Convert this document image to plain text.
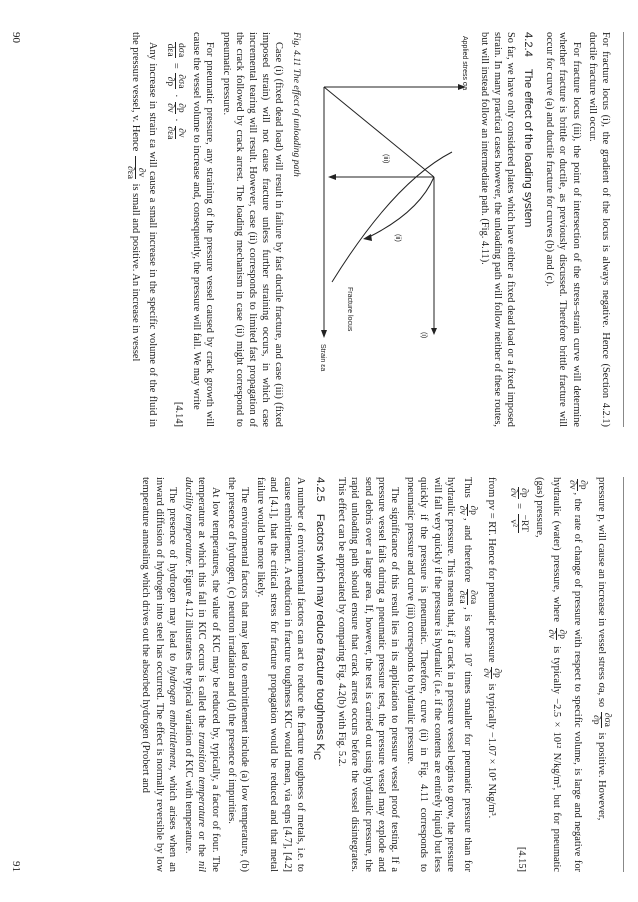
For fracture locus (i), the gradient of the locus is always negative. Hence (Section 4.2.1) ductile fracture will occur.

For fracture locus (iii), the point of intersection of the stress–strain curve will determine whether fracture is brittle or ductile, as previously discussed. Therefore brittle fracture will occur for curve (a) and ductile fracture for curves (b) and (c).

4.2.4The effect of the loading system

So far, we have only considered plates which have either a fixed dead load or a fixed imposed strain. In many practical cases however, the unloading path will follow neither of these routes, but will instead follow an intermediate path. (Fig. 4.11).

Applied stress σa
Strain εa
Fracture locus
(i)
(ii)
(iii)
Fig. 4.11 The effect of unloading path

Case (i) (fixed dead load) will result in failure by fast ductile fracture, and case (iii) (fixed imposed strain) will not cause fracture unless further straining occurs, in which case incremental tearing will result. However, case (ii) corresponds to limited fast propagation of the crack followed by crack arrest. The loading mechanism in case (ii) might correspond to pneumatic pressure.

For pneumatic pressure, any straining of the pressure vessel caused by crack growth will cause the vessel volume to increase and, consequently, the pressure will fall. We may write

dσa
dεa
=
∂σa
∂p
·
∂p
∂v
·
∂v
∂εa
[4.14]

Any increase in strain εa will cause a small increase in the specific volume of the fluid in the pressure vessel, v. Hence
∂v
∂εa
is small and positive. An increase in vessel

90

pressure p, will cause an increase in vessel stress σa, so
∂σa
∂p
is positive. However,

∂p
∂v
, the rate of change of pressure with respect to specific volume, is large and negative for hydraulic (water) pressure, where
∂p
∂v
is typically −2.5 × 10¹² N/kg/m³, but for pneumatic (gas) pressure,

∂p
∂v
=
−RT
v²
[4.15]

from pv = RT. Hence for pneumatic pressure
∂p
∂v
is typically −1.07 × 10⁵ Nkg/m³.

Thus
∂p
∂v
, and therefore
∂σa
∂εa
, is some 10⁷ times smaller for pneumatic pressure than for hydraulic pressure. This means that, if a crack in a pressure vessel begins to grow, the pressure will fall very quickly if the pressure is hydraulic (i.e. if the contents are entirely liquid) but less quickly if the pressure is pneumatic. Therefore, curve (ii) in Fig. 4.11 corresponds to pneumatic pressure and curve (iii) corresponds to hydraulic pressure.

The significance of this result lies in its application to pressure vessel proof testing. If a pressure vessel fails during a pneumatic pressure test, the pressure vessel may explode and send debris over a large area. If, however, the test is carried out using hydraulic pressure, the rapid unloading path should ensure that crack arrest occurs before the vessel disintegrates. This effect can be appreciated by comparing Fig. 4.2(b) with Fig. 5.2.

4.2.5Factors which may reduce fracture toughness $K_{IC}$

A number of environmental factors can act to reduce the fracture toughness of metals, i.e. to cause embrittlement. A reduction in fracture toughness KIC would mean, via eqns [4.7], [4.2] and [4.1], that the critical stress for fracture propagation would be reduced and that metal failure would be more likely.

The environmental factors that may lead to embrittlement include (a) low temperature, (b) the presence of hydrogen, (c) neutron irradiation and (d) the presence of impurities.

At low temperatures, the value of KIC may be reduced by, typically, a factor of four. The temperature at which this fall in KIC occurs is called the transition temperature or the nil ductility temperature. Figure 4.12 illustrates the typical variation of KIC with temperature.

The presence of hydrogen may lead to hydrogen embrittlement, which arises when an inward diffusion of hydrogen into steel has occurred. The effect is normally reversible by low temperature annealing which drives out the absorbed hydrogen (Probert and

91
